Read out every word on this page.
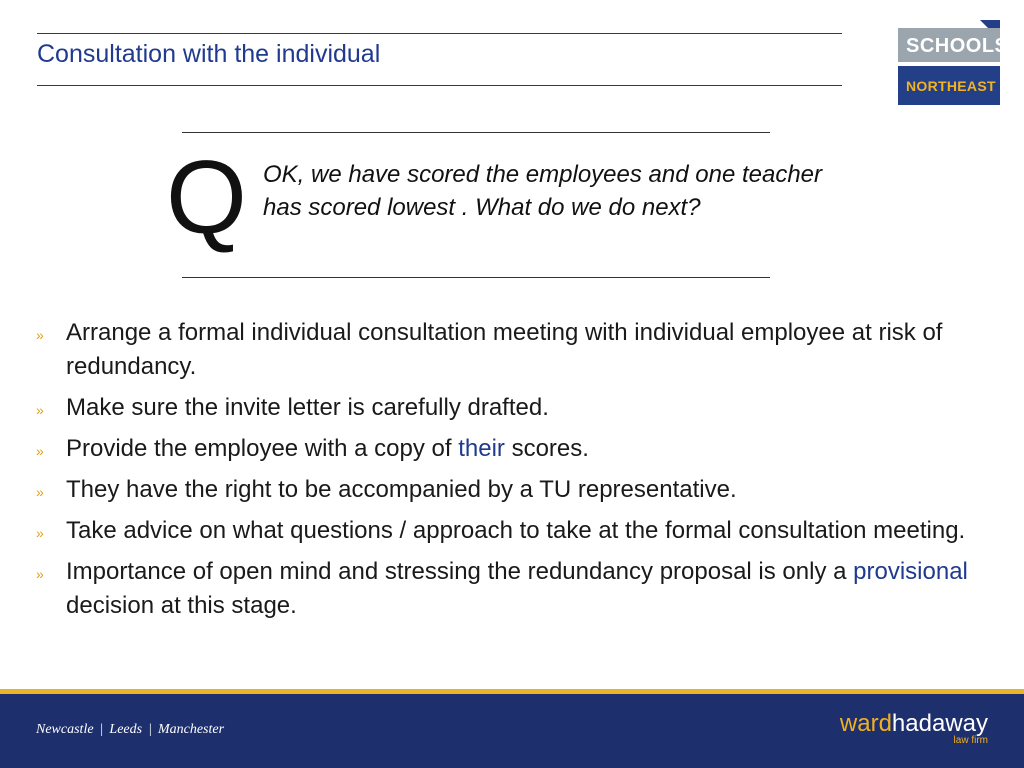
Consultation with the individual	SCHOOLS
NORTHEAST
Q OK, we have scored the employees and one teacher has scored lowest . What do we do next?
» Arrange a formal individual consultation meeting with individual employee at risk of redundancy.
» Make sure the invite letter is carefully drafted.
» Provide the employee with a copy of their scores.
» They have the right to be accompanied by a TU representative.
» Take advice on what questions / approach to take at the formal consultation meeting.
» Importance of open mind and stressing the redundancy proposal is only a provisional decision at this stage.
Newcastle | Leeds | Manchester	wardhadaway
law firm
